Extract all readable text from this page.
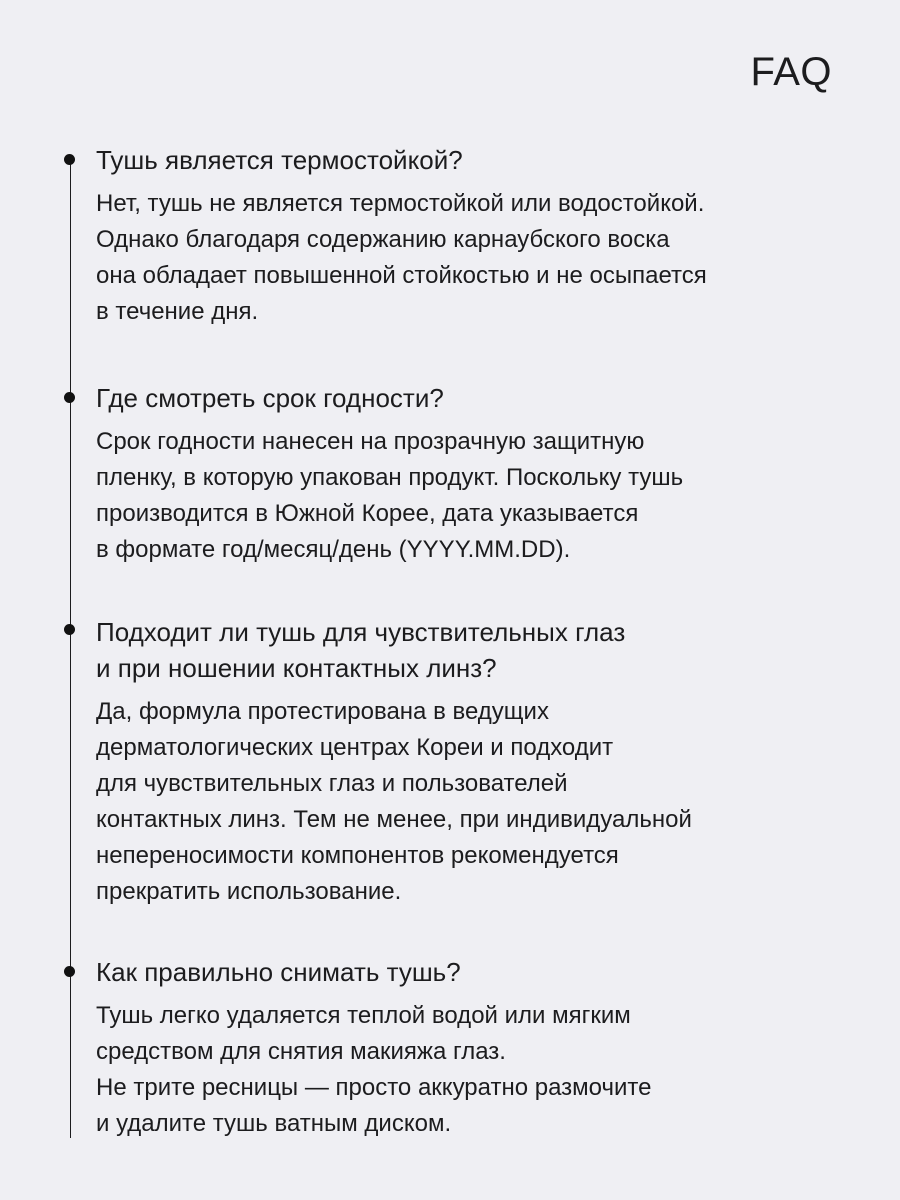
FAQ
Тушь является термостойкой?

Нет, тушь не является термостойкой или водостойкой.
Однако благодаря содержанию карнаубского воска
она обладает повышенной стойкостью и не осыпается
в течение дня.

Где смотреть срок годности?

Срок годности нанесен на прозрачную защитную
пленку, в которую упакован продукт. Поскольку тушь
производится в Южной Корее, дата указывается
в формате год/месяц/день (YYYY.MM.DD).

Подходит ли тушь для чувствительных глаз
и при ношении контактных линз?

Да, формула протестирована в ведущих
дерматологических центрах Кореи и подходит
для чувствительных глаз и пользователей
контактных линз. Тем не менее, при индивидуальной
непереносимости компонентов рекомендуется
прекратить использование.

Как правильно снимать тушь?

Тушь легко удаляется теплой водой или мягким
средством для снятия макияжа глаз.
Не трите ресницы — просто аккуратно размочите
и удалите тушь ватным диском.
